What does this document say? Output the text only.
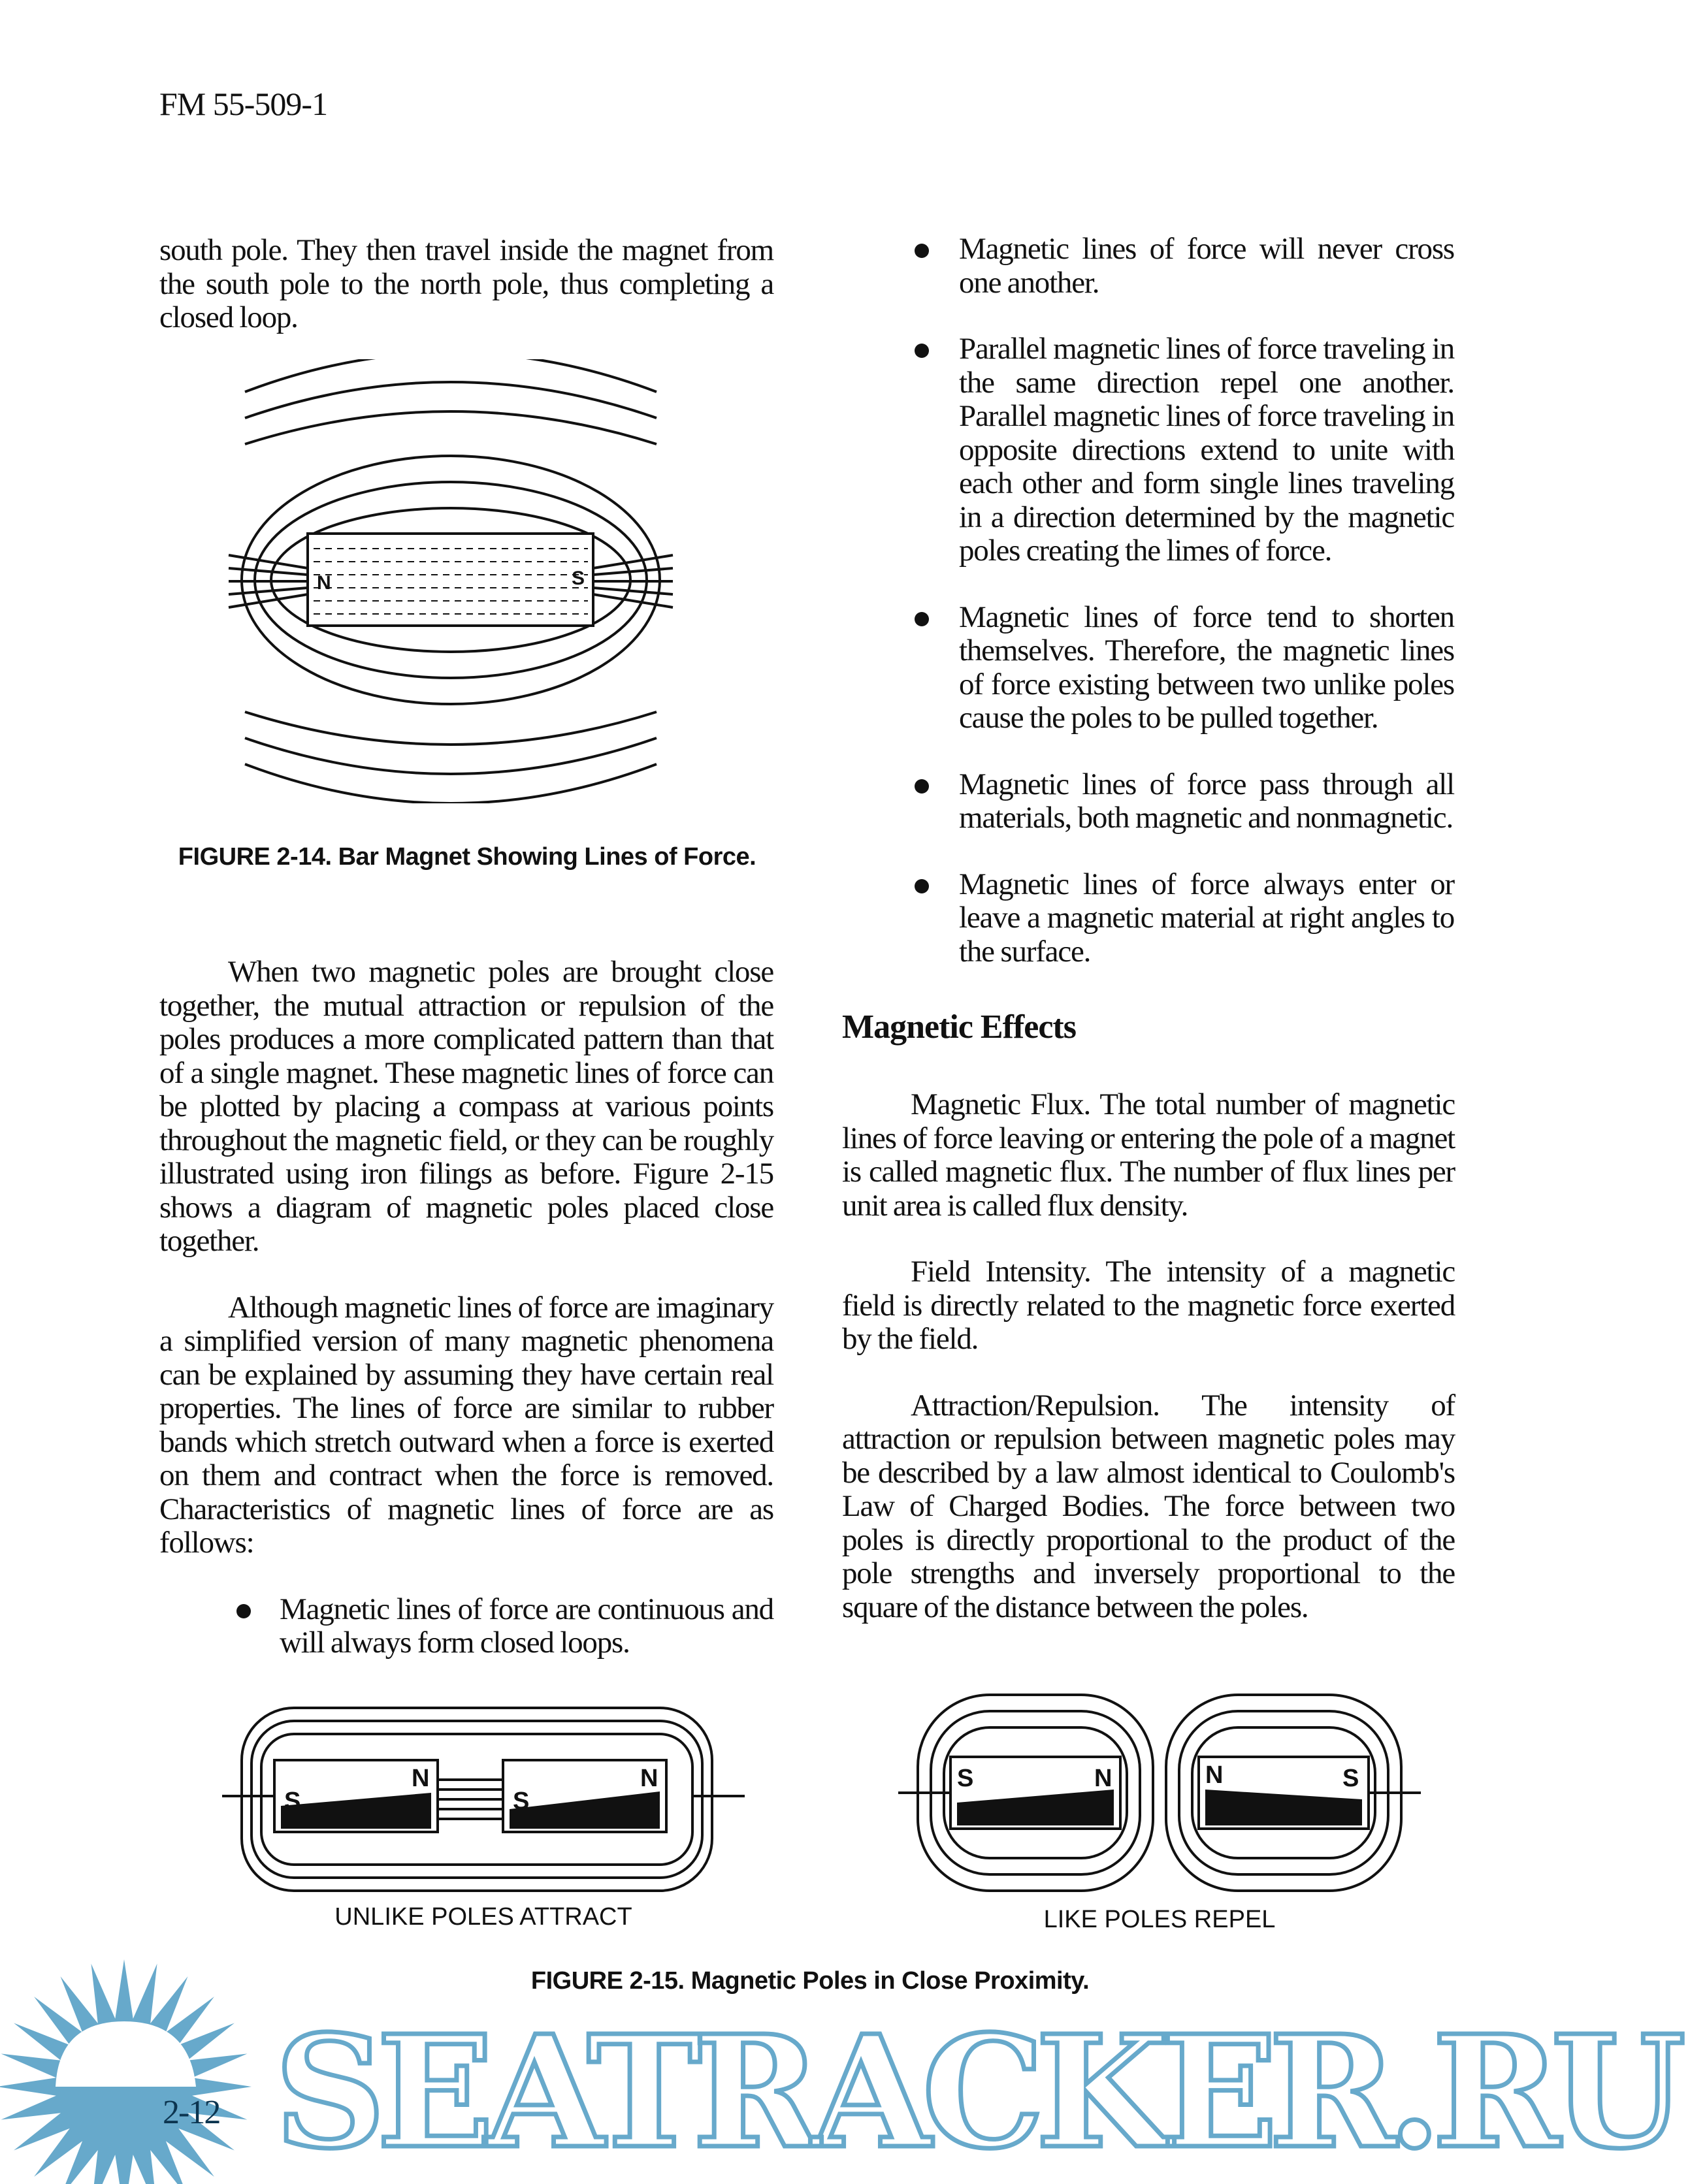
FM 55-509-1

south pole. They then travel inside the magnet from the south pole to the north pole, thus completing a closed loop.

N	S
FIGURE 2-14. Bar Magnet Showing Lines of Force.

When two magnetic poles are brought close together, the mutual attraction or repulsion of the poles produces a more complicated pattern than that of a single magnet. These magnetic lines of force can be plotted by placing a compass at various points throughout the magnetic field, or they can be roughly illustrated using iron filings as before. Figure 2-15 shows a diagram of magnetic poles placed close together.

Although magnetic lines of force are imaginary a simplified version of many magnetic phenomena can be explained by assuming they have certain real properties. The lines of force are similar to rubber bands which stretch outward when a force is exerted on them and contract when the force is removed. Characteristics of magnetic lines of force are as follows:

Magnetic lines of force are continuous and will always form closed loops.
Magnetic lines of force will never cross one another.
Parallel magnetic lines of force traveling in the same direction repel one another. Parallel magnetic lines of force traveling in opposite directions extend to unite with each other and form single lines traveling in a direction determined by the magnetic poles creating the limes of force.
Magnetic lines of force tend to shorten themselves. Therefore, the magnetic lines of force existing between two unlike poles cause the poles to be pulled together.
Magnetic lines of force pass through all materials, both magnetic and nonmagnetic.
Magnetic lines of force always enter or leave a magnetic material at right angles to the surface.
Magnetic Effects

Magnetic Flux. The total number of magnetic lines of force leaving or entering the pole of a magnet is called magnetic flux. The number of flux lines per unit area is called flux density.

Field Intensity. The intensity of a magnetic field is directly related to the magnetic force exerted by the field.

Attraction/Repulsion. The intensity of attraction or repulsion between magnetic poles may be described by a law almost identical to Coulomb's Law of Charged Bodies. The force between two poles is directly proportional to the product of the pole strengths and inversely proportional to the square of the distance between the poles.

S
N
S
N
UNLIKE POLES ATTRACT
S	N	N	S
LIKE POLES REPEL
FIGURE 2-15. Magnetic Poles in Close Proximity.
SEATRACKER.RU
2-12
